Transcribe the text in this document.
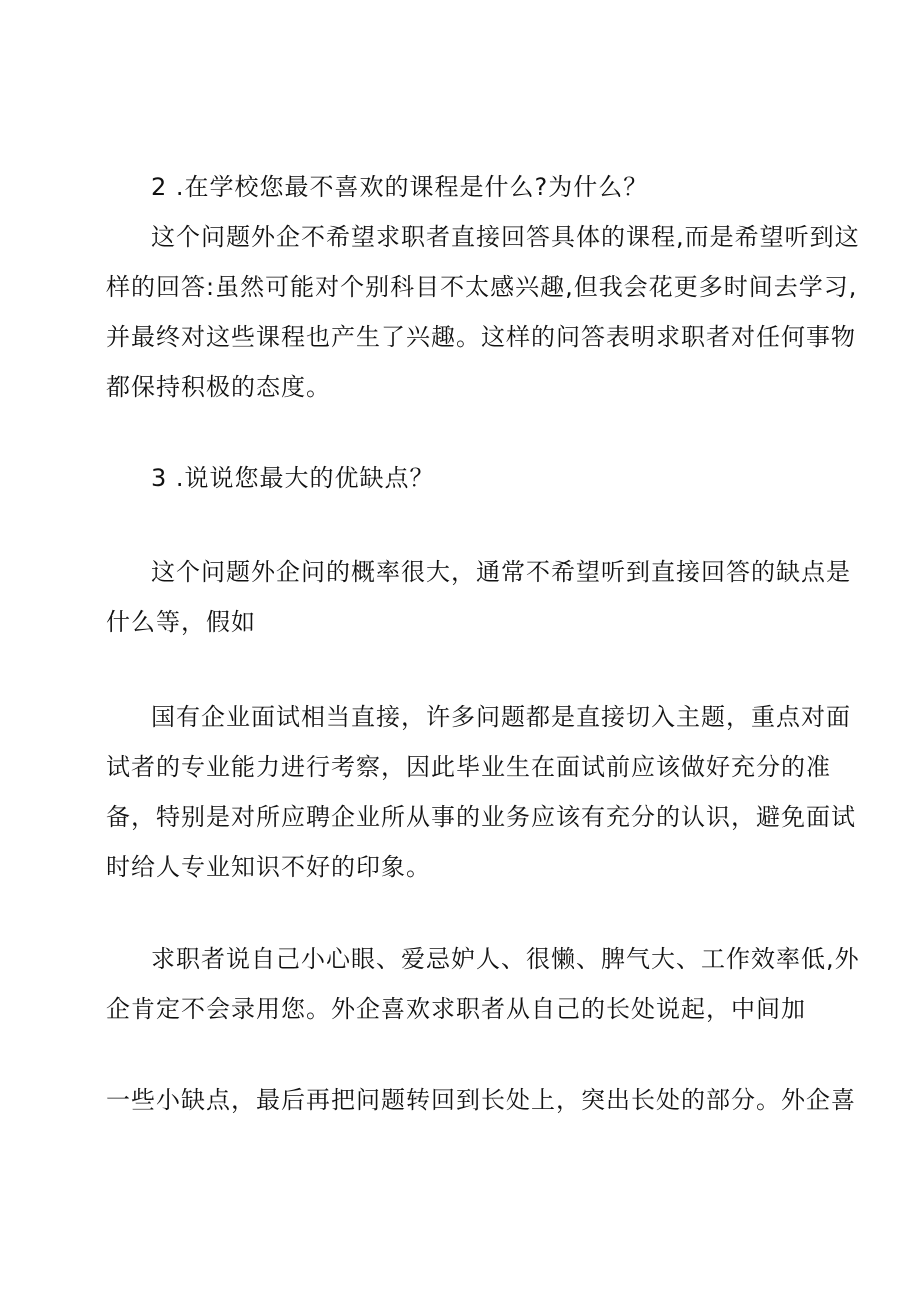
2 .在学校您最不喜欢的课程是什么?为什么？
这个问题外企不希望求职者直接回答具体的课程,而是希望听到这
样的回答:虽然可能对个别科目不太感兴趣,但我会花更多时间去学习,
并最终对这些课程也产生了兴趣。这样的问答表明求职者对任何事物
都保持积极的态度。
3 .说说您最大的优缺点？
这个问题外企问的概率很大，通常不希望听到直接回答的缺点是
什么等，假如
国有企业面试相当直接，许多问题都是直接切入主题，重点对面
试者的专业能力进行考察，因此毕业生在面试前应该做好充分的准
备，特别是对所应聘企业所从事的业务应该有充分的认识，避免面试
时给人专业知识不好的印象。
求职者说自己小心眼、爱忌妒人、很懒、脾气大、工作效率低,外
企肯定不会录用您。外企喜欢求职者从自己的长处说起，中间加
一些小缺点，最后再把问题转回到长处上，突出长处的部分。外企喜
